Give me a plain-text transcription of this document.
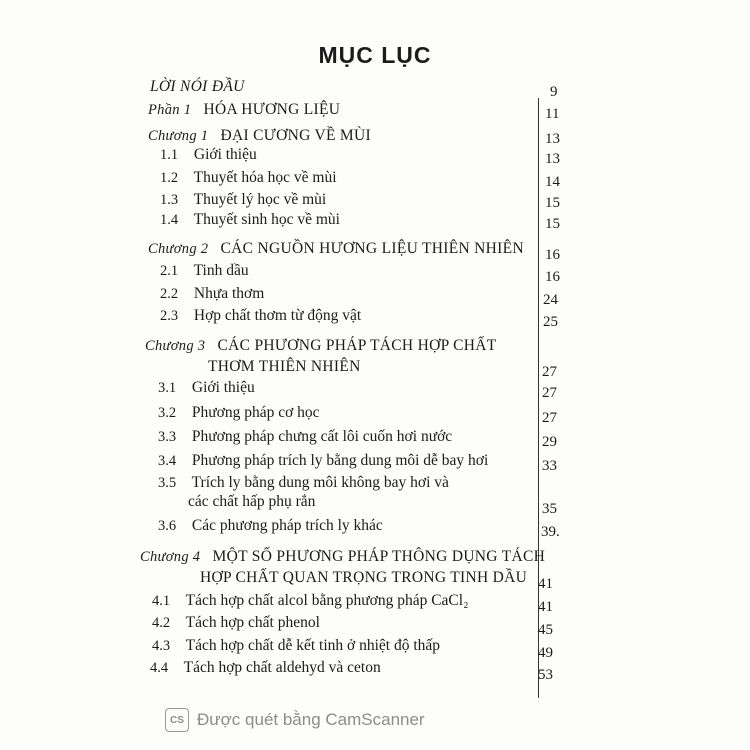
MỤC LỤC
LỜI NÓI ĐẦU	9
Phần 1 HÓA HƯƠNG LIỆU	11
Chương 1 ĐẠI CƯƠNG VỀ MÙI	13
1.1 Giới thiệu	13
1.2 Thuyết hóa học về mùi	14
1.3 Thuyết lý học về mùi	15
1.4 Thuyết sinh học về mùi	15
Chương 2 CÁC NGUỒN HƯƠNG LIỆU THIÊN NHIÊN 16
2.1 Tinh dầu	16
2.2 Nhựa thơm	24
2.3 Hợp chất thơm từ động vật	25
Chương 3 CÁC PHƯƠNG PHÁP TÁCH HỢP CHẤT
THƠM THIÊN NHIÊN	27
3.1 Giới thiệu	27
3.2 Phương pháp cơ học	27
3.3 Phương pháp chưng cất lôi cuốn hơi nước	29
3.4 Phương pháp trích ly bằng dung môi dễ bay hơi	33
3.5 Trích ly bằng dung môi không bay hơi và
các chất hấp phụ rắn	35
3.6 Các phương pháp trích ly khác	39.
Chương 4 MỘT SỐ PHƯƠNG PHÁP THÔNG DỤNG TÁCH
HỢP CHẤT QUAN TRỌNG TRONG TINH DẦU 41
4.1 Tách hợp chất alcol bằng phương pháp CaCl₂	41
4.2 Tách hợp chất phenol	45
4.3 Tách hợp chất dễ kết tinh ở nhiệt độ thấp	49
4.4 Tách hợp chất aldehyd và ceton	53
CS Được quét bằng CamScanner
